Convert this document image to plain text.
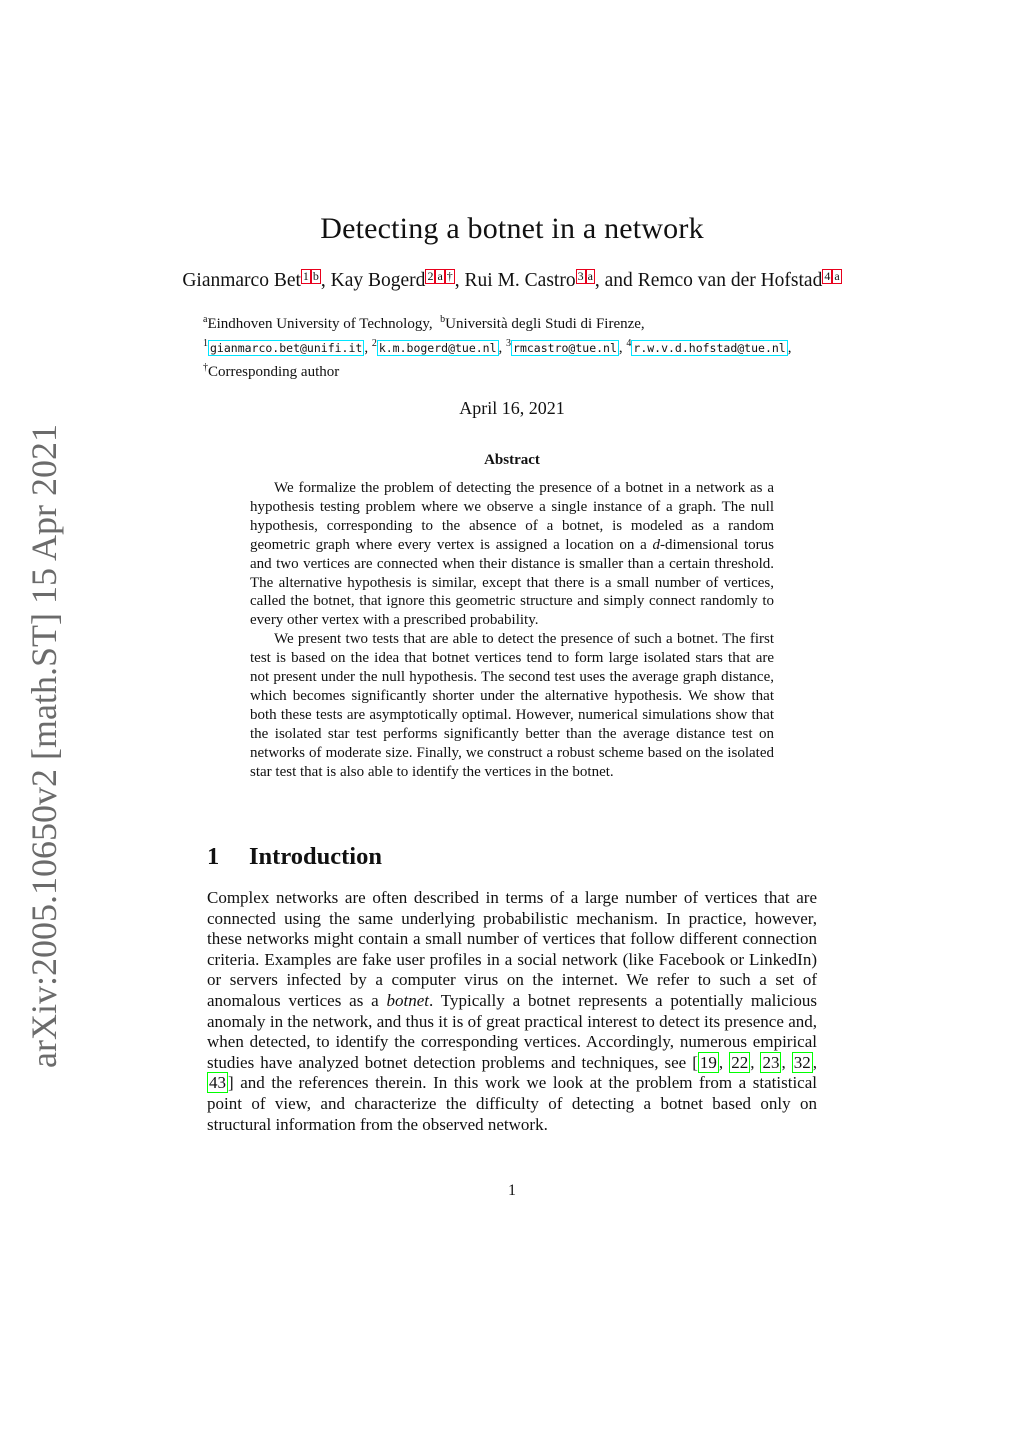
arXiv:2005.10650v2 [math.ST] 15 Apr 2021
Detecting a botnet in a network
Gianmarco Bet 1 b , Kay Bogerd 2 a † , Rui M. Castro 3 a , and Remco van der Hofstad 4 a
$^a$Eindhoven University of Technology, $^b$Università degli Studi di Firenze,
$^1$ gianmarco.bet@unifi.it , $^2$ k.m.bogerd@tue.nl , $^3$ rmcastro@tue.nl , $^4$ r.w.v.d.hofstad@tue.nl ,
†Corresponding author
April 16, 2021
Abstract

We formalize the problem of detecting the presence of a botnet in a network as a hypothesis testing problem where we observe a single instance of a graph. The null hypothesis, corresponding to the absence of a botnet, is modeled as a random geometric graph where every vertex is assigned a location on a d-dimensional torus and two vertices are connected when their distance is smaller than a certain threshold. The alternative hypothesis is similar, except that there is a small number of vertices, called the botnet, that ignore this geometric structure and simply connect randomly to every other vertex with a prescribed probability.

We present two tests that are able to detect the presence of such a botnet. The first test is based on the idea that botnet vertices tend to form large isolated stars that are not present under the null hypothesis. The second test uses the average graph distance, which becomes significantly shorter under the alternative hypothesis. We show that both these tests are asymptotically optimal. However, numerical simulations show that the isolated star test performs significantly better than the average distance test on networks of moderate size. Finally, we construct a robust scheme based on the isolated star test that is also able to identify the vertices in the botnet.

1 Introduction

Complex networks are often described in terms of a large number of vertices that are connected using the same underlying probabilistic mechanism. In practice, however, these networks might contain a small number of vertices that follow different connection criteria. Examples are fake user profiles in a social network (like Facebook or LinkedIn) or servers infected by a computer virus on the internet. We refer to such a set of anomalous vertices as a botnet. Typically a botnet represents a potentially malicious anomaly in the network, and thus it is of great practical interest to detect its presence and, when detected, to identify the corresponding vertices. Accordingly, numerous empirical studies have analyzed botnet detection problems and techniques, see [ 19 , 22 , 23 , 32 , 43 ] and the references therein. In this work we look at the problem from a statistical point of view, and characterize the difficulty of detecting a botnet based only on structural information from the observed network.

1
